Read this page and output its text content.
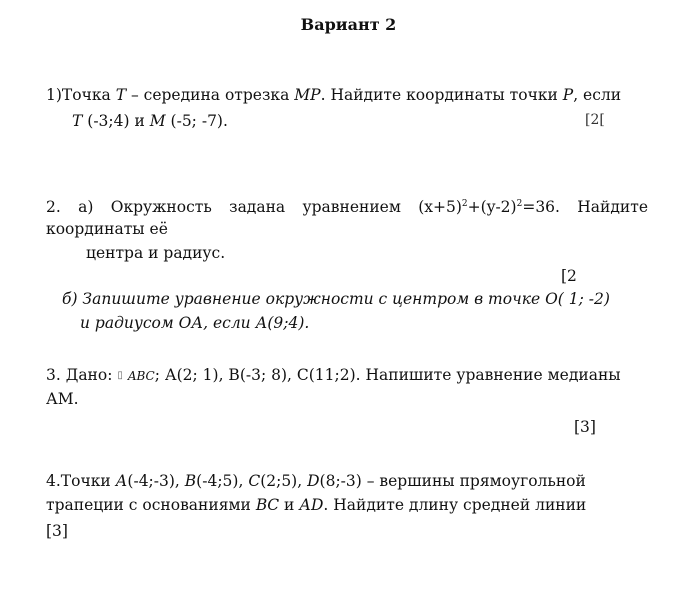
Вариант 2
1)Точка Т – середина отрезка МР. Найдите координаты точки Р, если
Т (-3;4) и М (-5; -7).	[2[
2. а) Окружность задана уравнением $(x+5)^2+(y-2)^2=36$. Найдите
координаты её
центра и радиус.
[2
б) Запишите уравнение окружности с центром в точке О( 1; -2)
и радиусом ОА, если А(9;4).
3. Дано: ▯ ABC; А(2; 1), В(-3; 8), С(11;2). Напишите уравнение медианы
АМ.
[3]
4.Точки А(-4;-3), В(-4;5), С(2;5), D(8;-3) – вершины прямоугольной
трапеции с основаниями ВС и АD. Найдите длину средней линии
[3]
